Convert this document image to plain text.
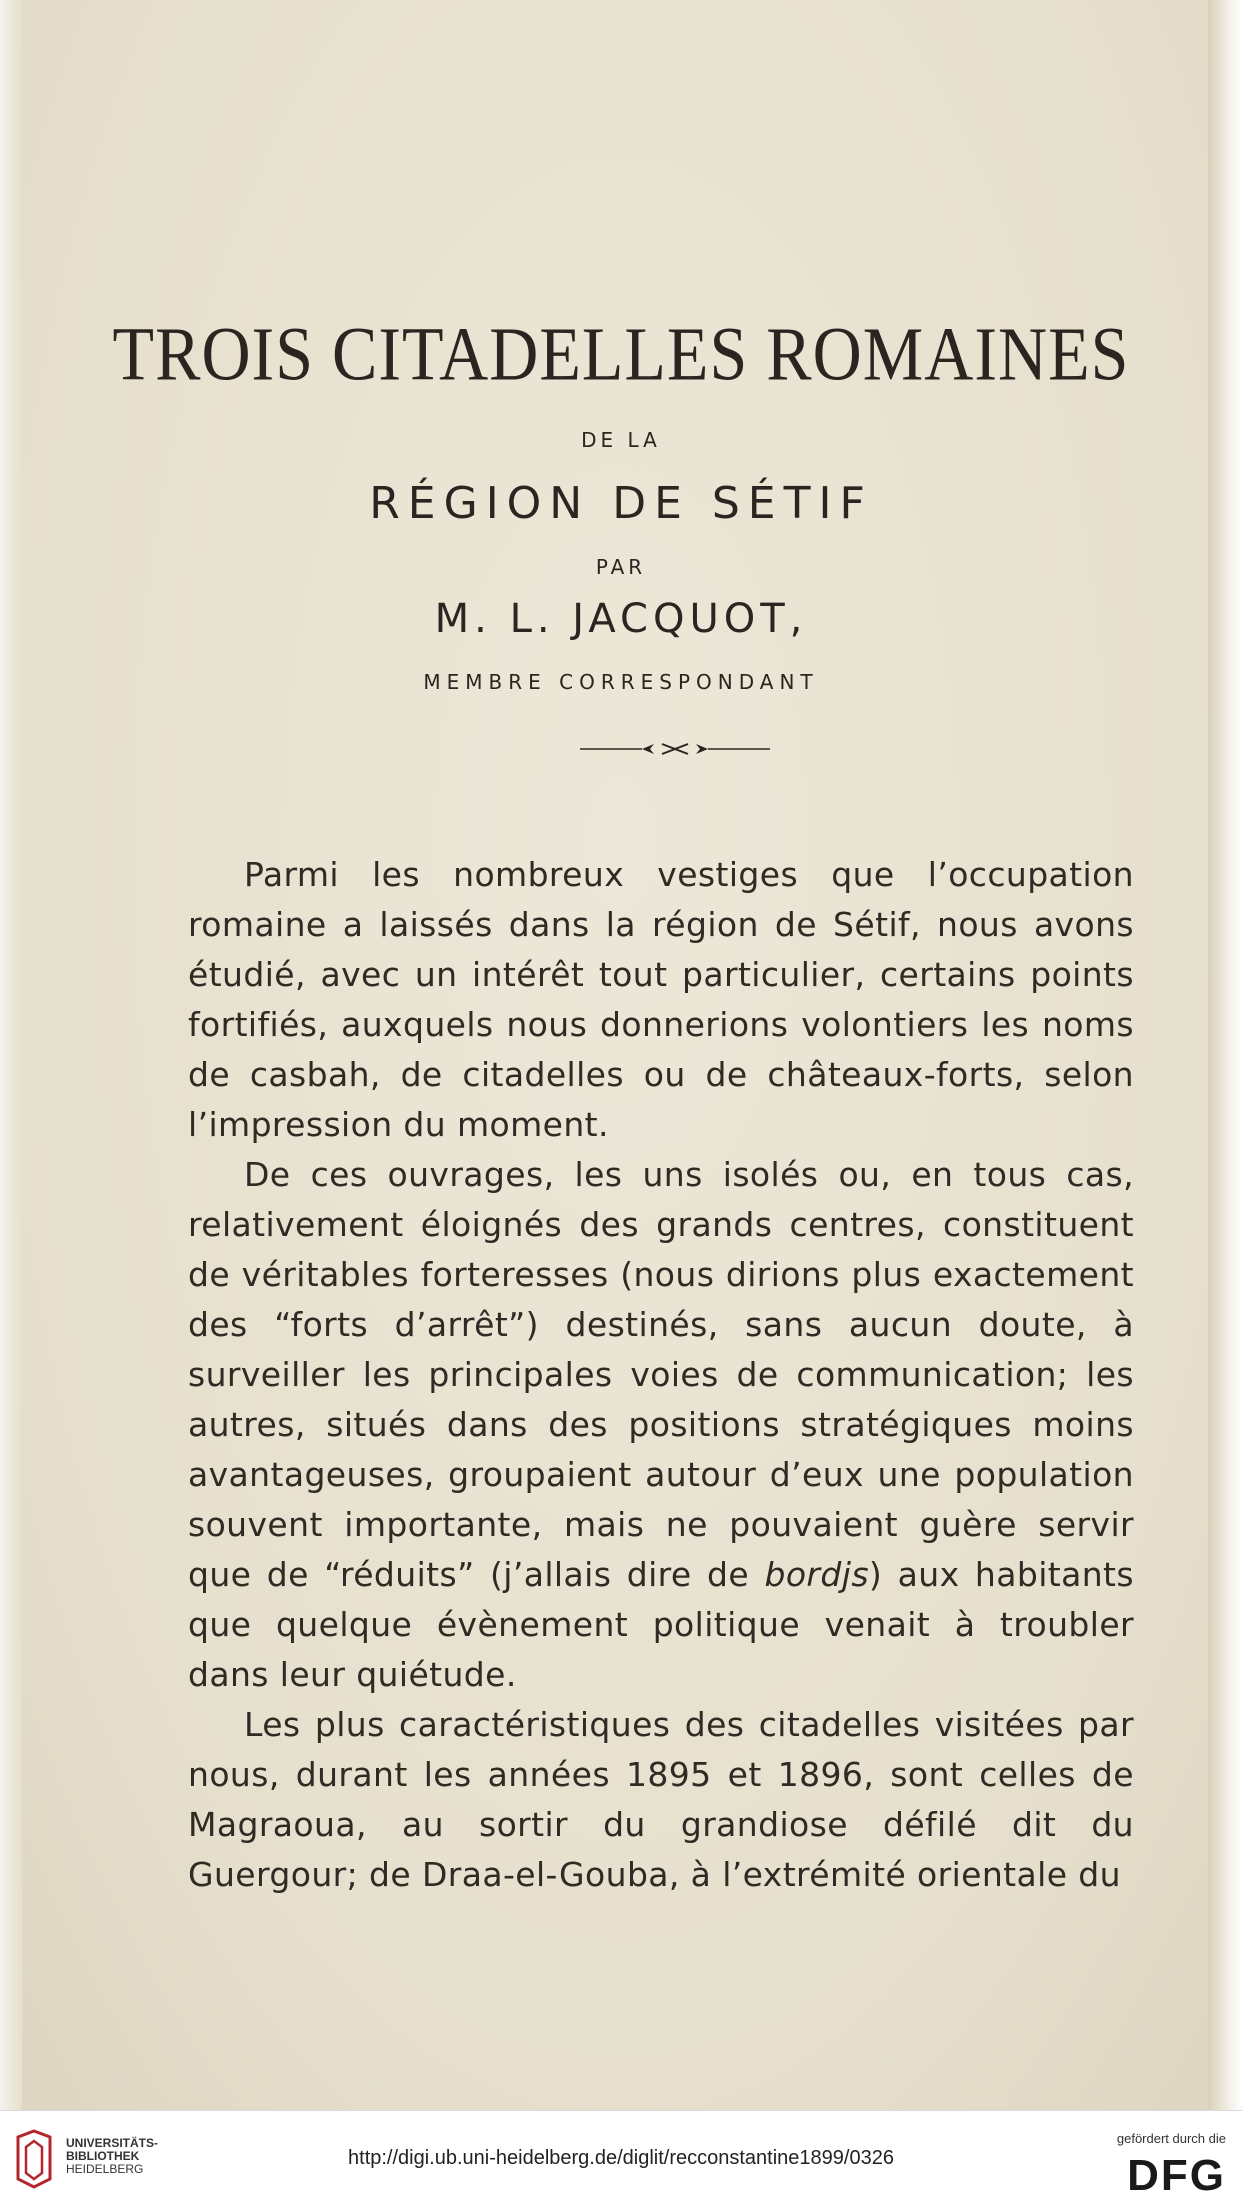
TROIS CITADELLES ROMAINES
DE LA
RÉGION DE SÉTIF
PAR
M. L. JACQUOT,
MEMBRE CORRESPONDANT

Parmi les nombreux vestiges que l’occupation romaine a laissés dans la région de Sétif, nous avons étudié, avec un intérêt tout particulier, certains points fortifiés, auxquels nous donnerions volontiers les noms de casbah, de citadelles ou de châteaux-forts, selon l’impression du moment.

De ces ouvrages, les uns isolés ou, en tous cas, relativement éloignés des grands centres, constituent de véritables forteresses (nous dirions plus exactement des “forts d’arrêt”) destinés, sans aucun doute, à surveiller les principales voies de communication; les autres, situés dans des positions stratégiques moins avantageuses, groupaient autour d’eux une population souvent importante, mais ne pouvaient guère servir que de “réduits” (j’allais dire de bordjs) aux habitants que quelque évènement politique venait à troubler dans leur quiétude.

Les plus caractéristiques des citadelles visitées par nous, durant les années 1895 et 1896, sont celles de Magraoua, au sortir du grandiose défilé dit du Guergour; de Draa-el-Gouba, à l’extrémité orientale du

UNIVERSITÄTS-
BIBLIOTHEK
HEIDELBERG	http://digi.ub.uni-heidelberg.de/diglit/recconstantine1899/0326
gefördert durch die
DFG
